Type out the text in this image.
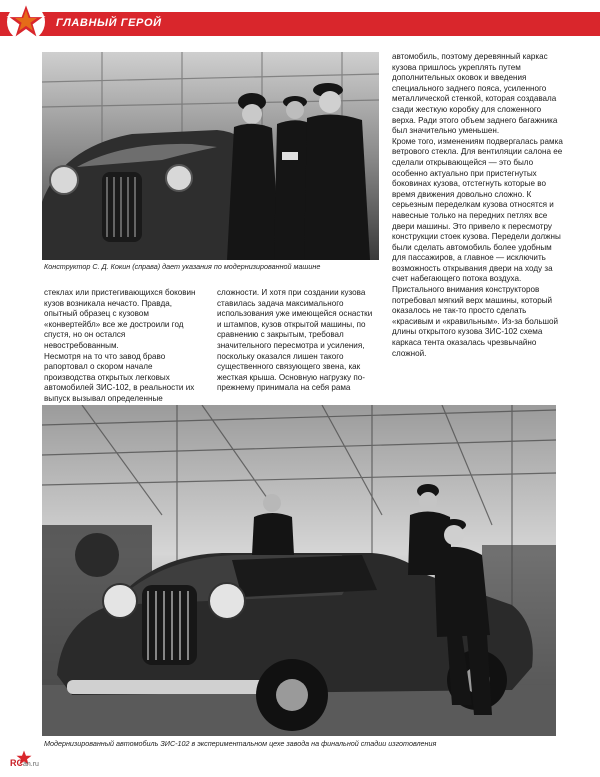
ГЛАВНЫЙ ГЕРОЙ
Конструктор С. Д. Кокин (справа) дает указания по модернизированной машине

автомобиль, поэтому деревянный каркас кузова пришлось укреплять путем дополнительных оковок и введения специального заднего пояса, усиленного металлической стенкой, которая создавала сзади жесткую коробку для сложенного верха. Ради этого объем заднего багажника был значительно уменьшен.

Кроме того, изменениям подвергалась рамка ветрового стекла. Для вентиляции салона ее сделали открывающейся — это было особенно актуально при пристегнутых боковинах кузова, отстегнуть которые во время движения довольно сложно. К серьезным переделкам кузова относятся и навесные только на передних петлях все двери машины. Это привело к пересмотру конструкции стоек кузова. Передели должны были сделать автомобиль более удобным для пассажиров, а главное — исключить возможность открывания двери на ходу за счет набегающего потока воздуха.

Пристального внимания конструкторов потребовал мягкий верх машины, который оказалось не так-то просто сделать «красивым и «кравильным». Из-за большой длины открытого кузова ЗИС-102 схема каркаса тента оказалась чрезвычайно сложной.

стеклах или пристегивающихся боковин кузов возникала нечасто. Правда, опытный образец с кузовом «конвертейбл» все же достроили год спустя, но он остался невостребованным.

Несмотря на то что завод браво рапортовал о скором начале производства открытых легковых автомобилей ЗИС-102, в реальности их выпуск вызывал определенные

сложности. И хотя при создании кузова ставилась задача максимального использования уже имеющейся оснастки и штампов, кузов открытой машины, по сравнению с закрытым, требовал значительного пересмотра и усиления, поскольку оказался лишен такого существенного связующего звена, как жесткая крыша. Основную нагрузку по-прежнему принимала на себя рама

Модернизированный автомобиль ЗИС-102 в экспериментальном цехе завода на финальной стадии изготовления
RCan.ru
